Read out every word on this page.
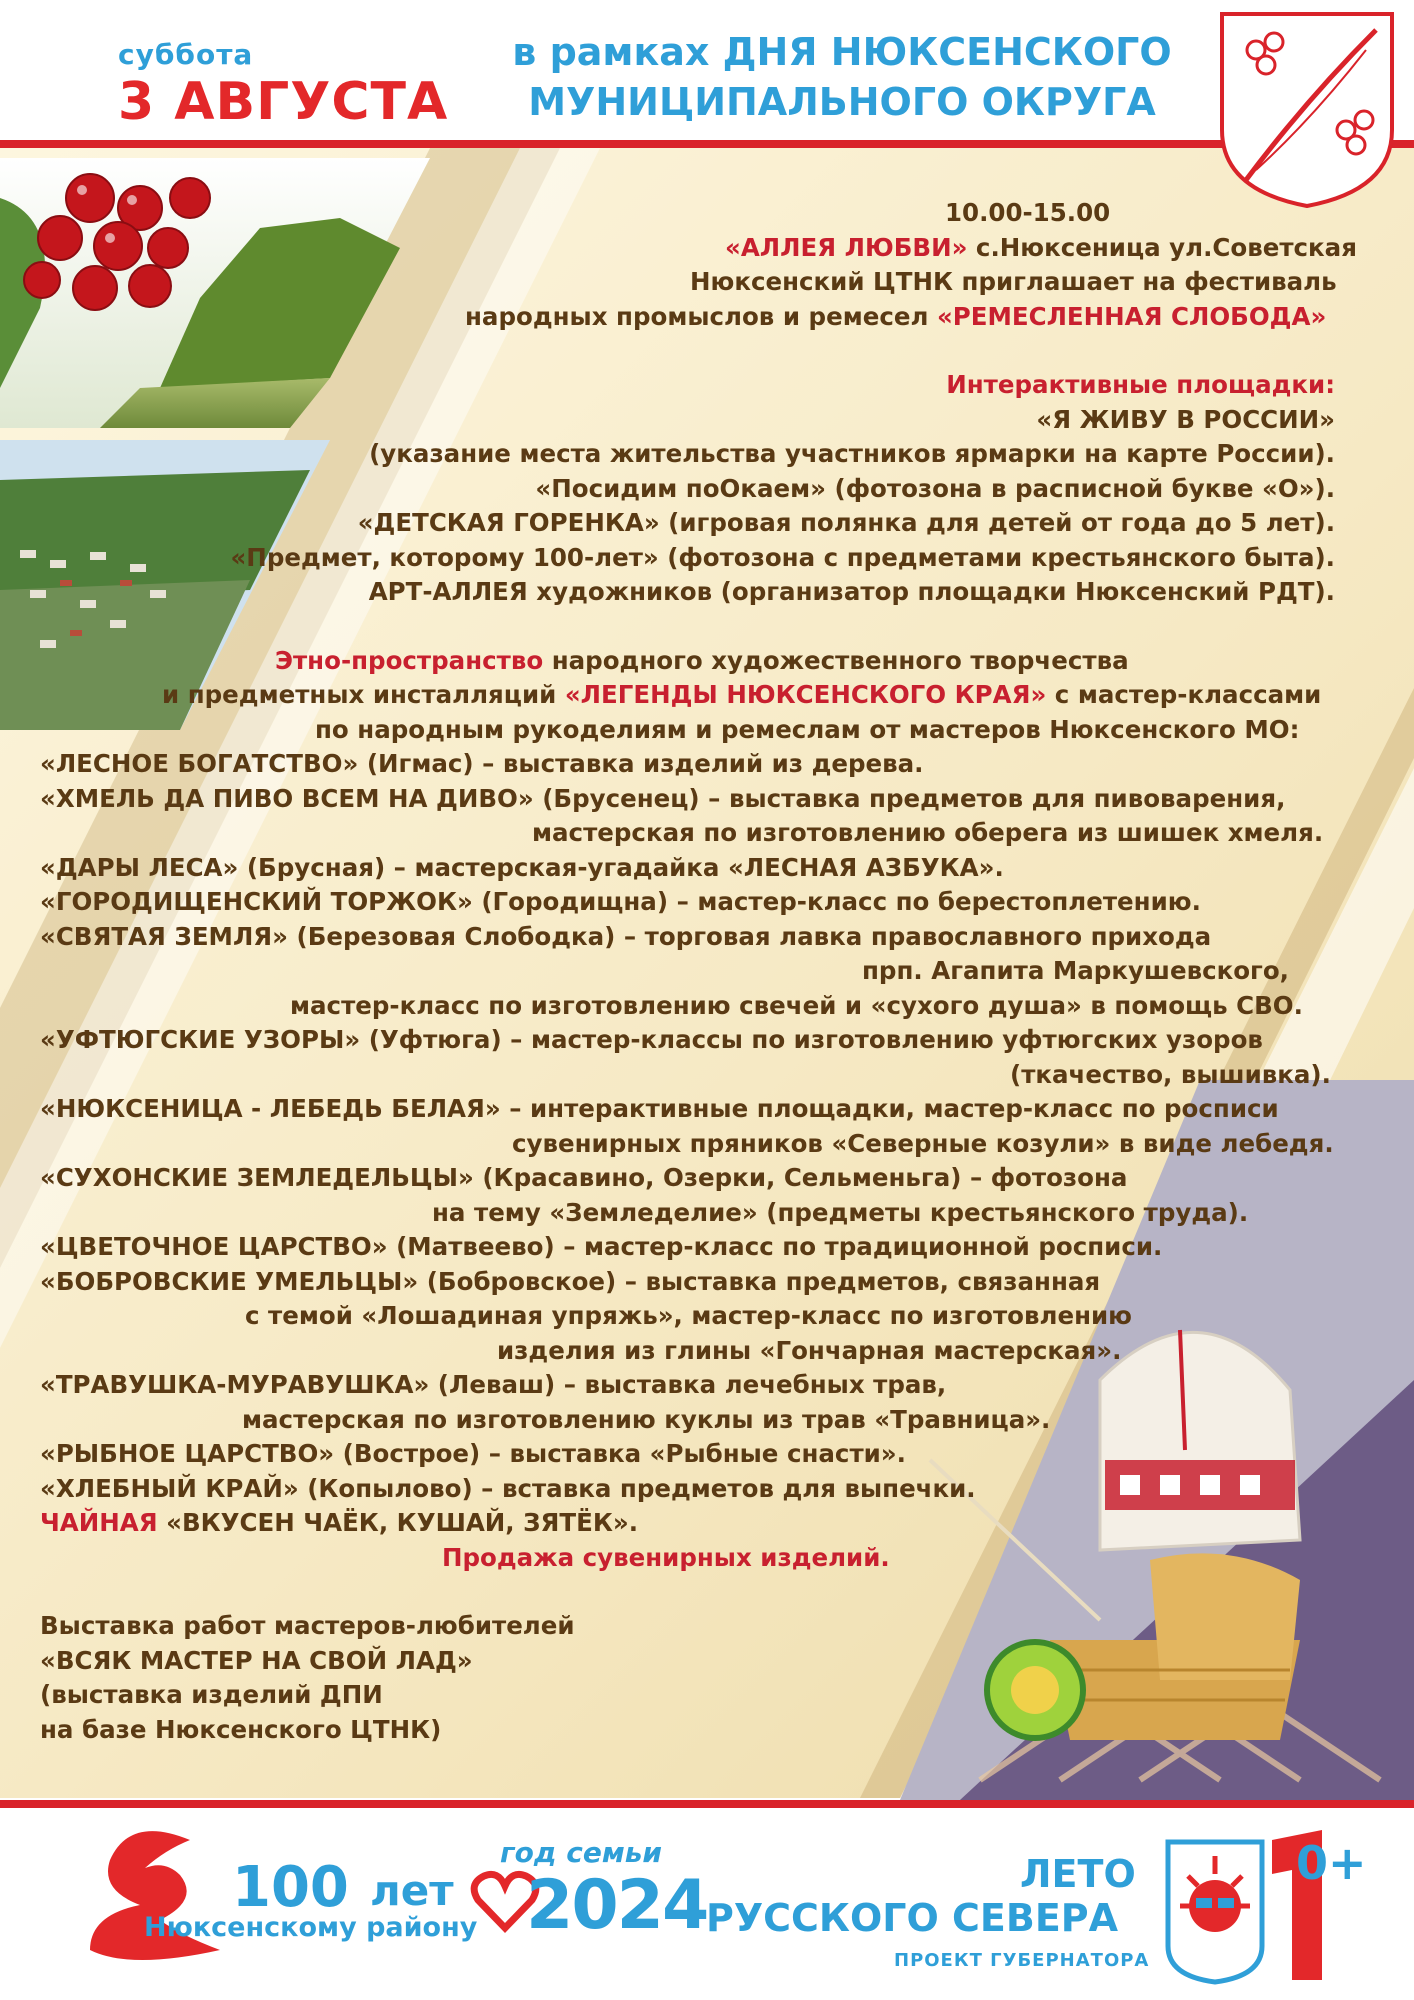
суббота
3 АВГУСТА
в рамках ДНЯ НЮКСЕНСКОГО
МУНИЦИПАЛЬНОГО ОКРУГА
10.00-15.00
«АЛЛЕЯ ЛЮБВИ» с.Нюксеница ул.Советская
Нюксенский ЦТНК приглашает на фестиваль
народных промыслов и ремесел «РЕМЕСЛЕННАЯ СЛОБОДА»
Интерактивные площадки:
«Я ЖИВУ В РОССИИ»
(указание места жительства участников ярмарки на карте России).
«Посидим поОкаем» (фотозона в расписной букве «О»).
«ДЕТСКАЯ ГОРЕНКА» (игровая полянка для детей от года до 5 лет).
«Предмет, которому 100-лет» (фотозона с предметами крестьянского быта).
АРТ-АЛЛЕЯ художников (организатор площадки Нюксенский РДТ).
Этно-пространство народного художественного творчества
и предметных инсталляций «ЛЕГЕНДЫ НЮКСЕНСКОГО КРАЯ» с мастер-классами
по народным рукоделиям и ремеслам от мастеров Нюксенского МО:
«ЛЕСНОЕ БОГАТСТВО» (Игмас) – выставка изделий из дерева.
«ХМЕЛЬ ДА ПИВО ВСЕМ НА ДИВО» (Брусенец) – выставка предметов для пивоварения,
мастерская по изготовлению оберега из шишек хмеля.
«ДАРЫ ЛЕСА» (Брусная) – мастерская-угадайка «ЛЕСНАЯ АЗБУКА».
«ГОРОДИЩЕНСКИЙ ТОРЖОК» (Городищна) – мастер-класс по берестоплетению.
«СВЯТАЯ ЗЕМЛЯ» (Березовая Слободка) – торговая лавка православного прихода
прп. Агапита Маркушевского,
мастер-класс по изготовлению свечей и «сухого душа» в помощь СВО.
«УФТЮГСКИЕ УЗОРЫ» (Уфтюга) – мастер-классы по изготовлению уфтюгских узоров
(ткачество, вышивка).
«НЮКСЕНИЦА - ЛЕБЕДЬ БЕЛАЯ» – интерактивные площадки, мастер-класс по росписи
сувенирных пряников «Северные козули» в виде лебедя.
«СУХОНСКИЕ ЗЕМЛЕДЕЛЬЦЫ» (Красавино, Озерки, Сельменьга) – фотозона
на тему «Земледелие» (предметы крестьянского труда).
«ЦВЕТОЧНОЕ ЦАРСТВО» (Матвеево) – мастер-класс по традиционной росписи.
«БОБРОВСКИЕ УМЕЛЬЦЫ» (Бобровское) – выставка предметов, связанная
с темой «Лошадиная упряжь», мастер-класс по изготовлению
изделия из глины «Гончарная мастерская».
«ТРАВУШКА-МУРАВУШКА» (Леваш) – выставка лечебных трав,
мастерская по изготовлению куклы из трав «Травница».
«РЫБНОЕ ЦАРСТВО» (Вострое) – выставка «Рыбные снасти».
«ХЛЕБНЫЙ КРАЙ» (Копылово) – вставка предметов для выпечки.
ЧАЙНАЯ «ВКУСЕН ЧАЁК, КУШАЙ, ЗЯТЁК».
Продажа сувенирных изделий.
Выставка работ мастеров-любителей
«ВСЯК МАСТЕР НА СВОЙ ЛАД»
(выставка изделий ДПИ
на базе Нюксенского ЦТНК)
100 лет
Нюксенскому району
год семьи
2024	ЛЕТО
РУССКОГО СЕВЕРА
ПРОЕКТ ГУБЕРНАТОРА
0+
